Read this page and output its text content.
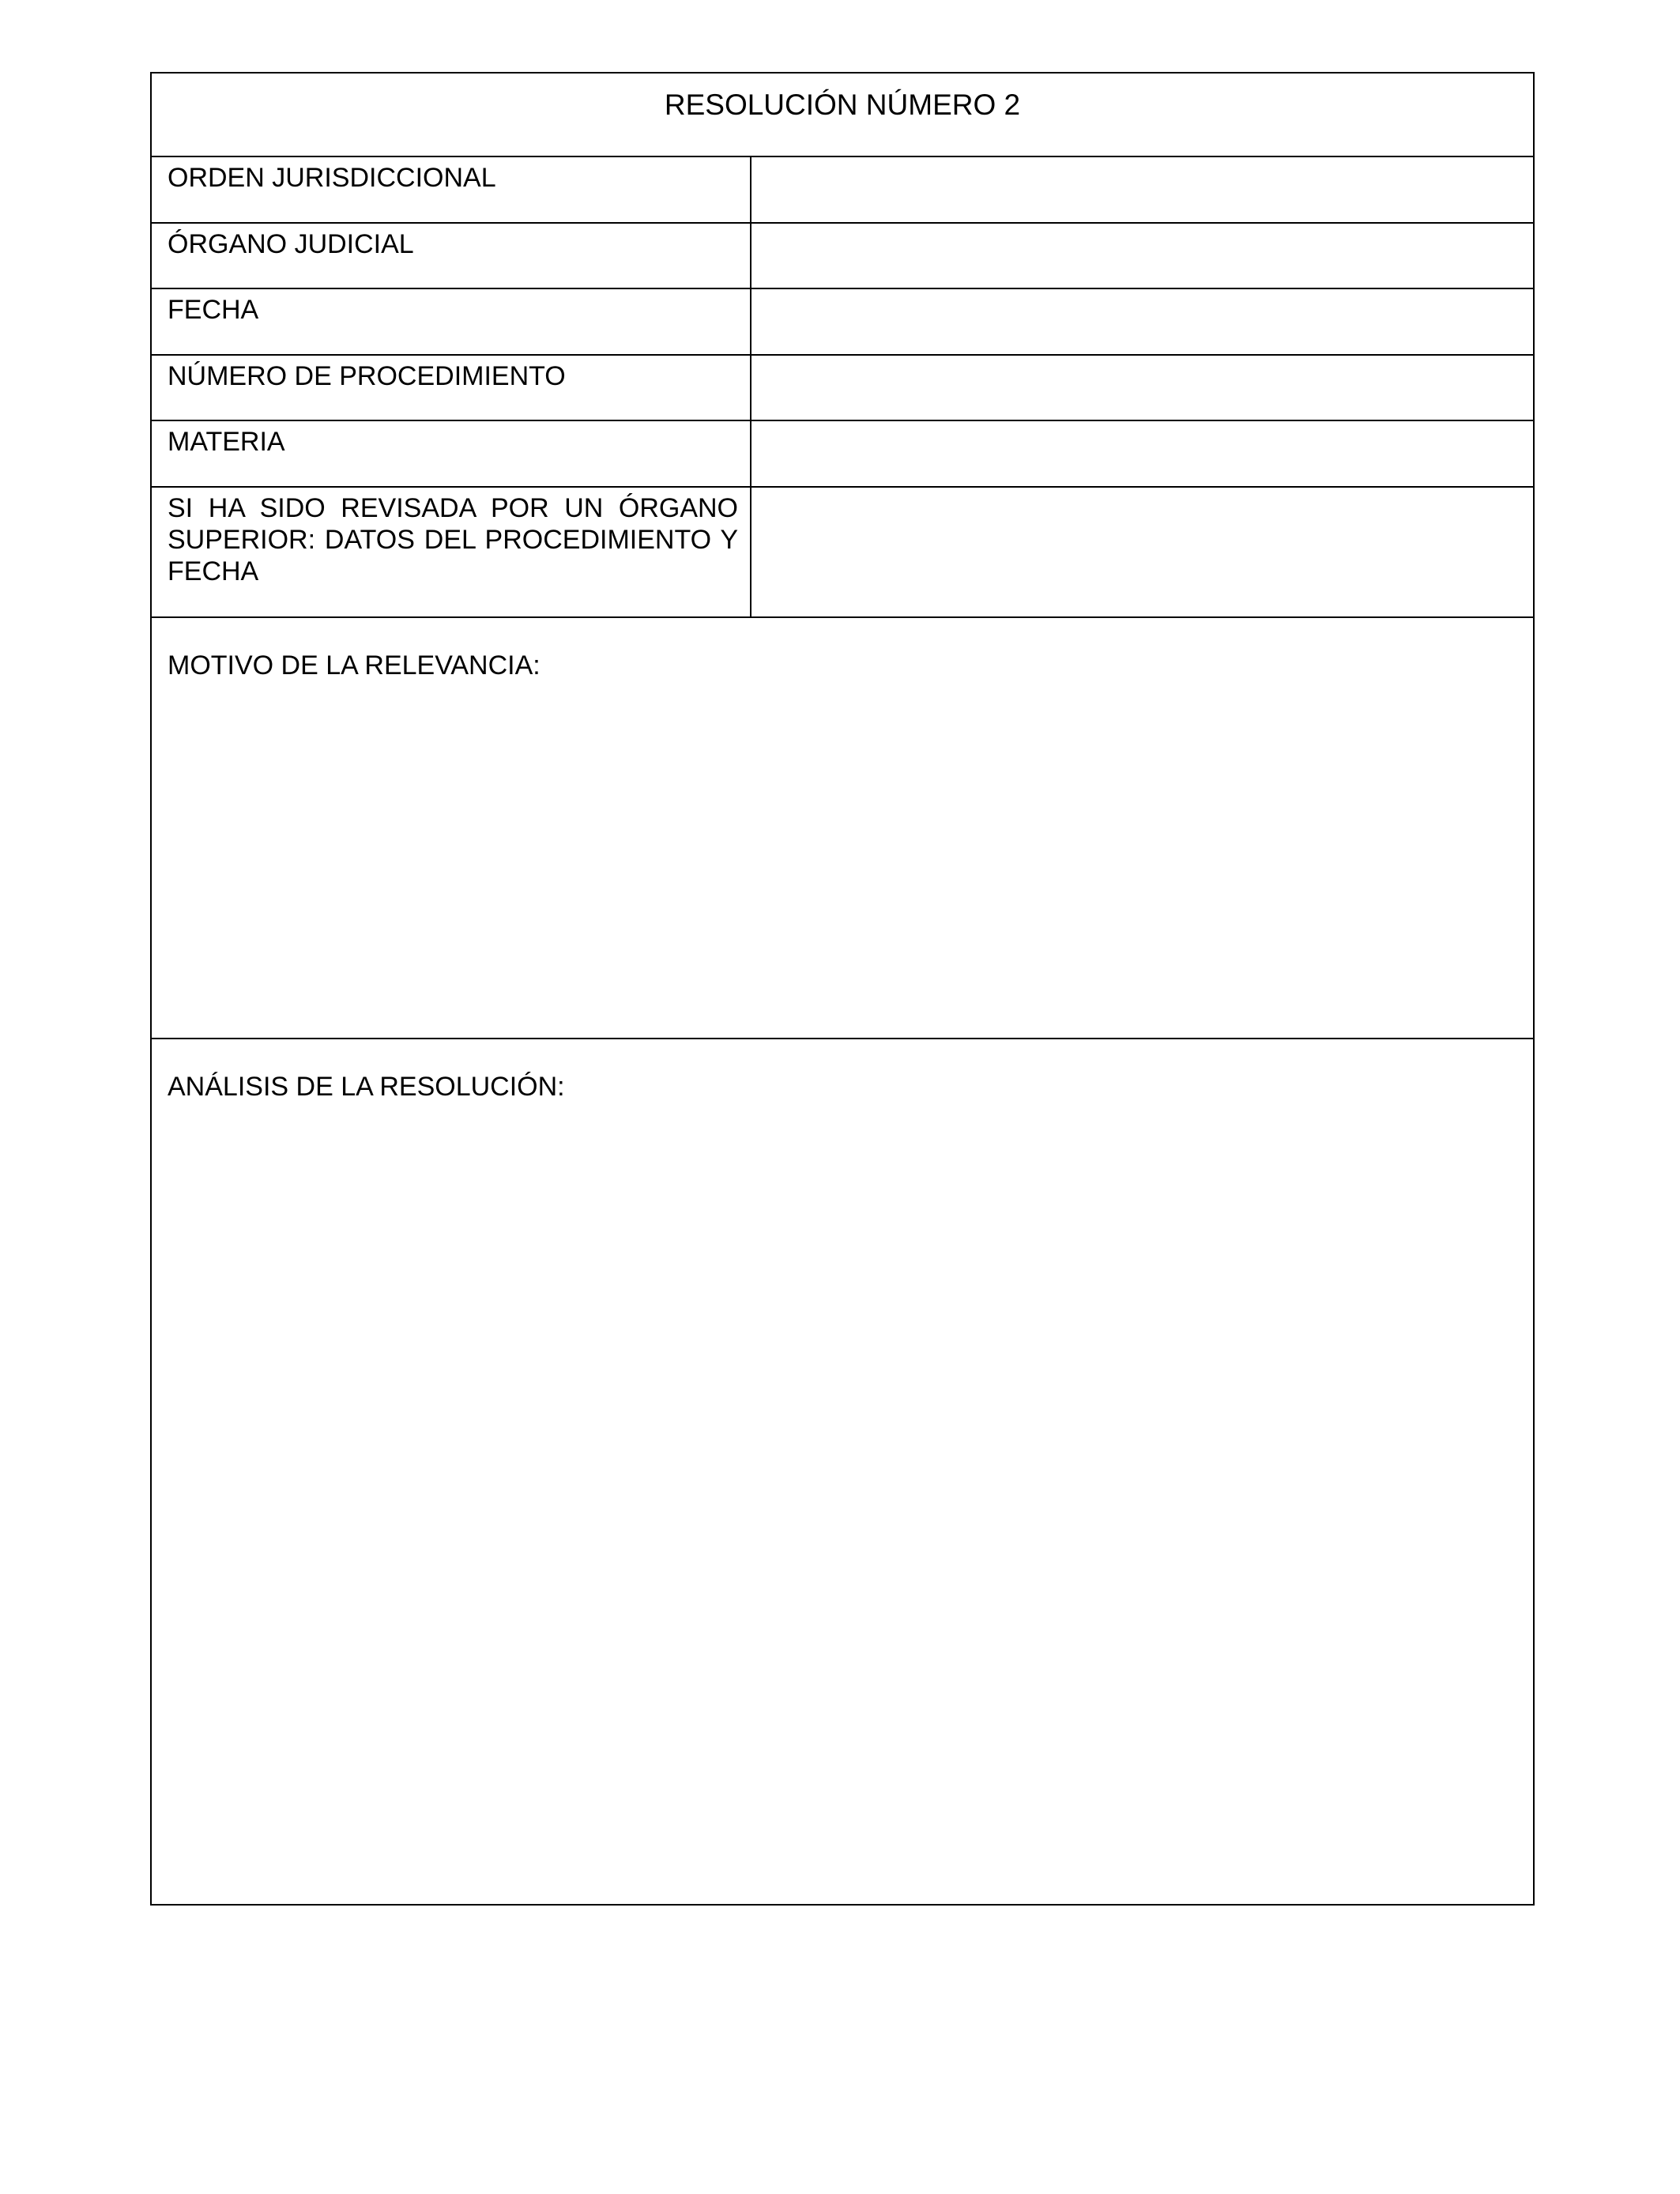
RESOLUCIÓN NÚMERO 2
ORDEN JURISDICCIONAL
ÓRGANO JUDICIAL
FECHA
NÚMERO DE PROCEDIMIENTO
MATERIA
SI HA SIDO REVISADA POR UN ÓRGANO SUPERIOR: DATOS DEL PROCEDIMIENTO Y FECHA
MOTIVO DE LA RELEVANCIA:
ANÁLISIS DE LA RESOLUCIÓN:
